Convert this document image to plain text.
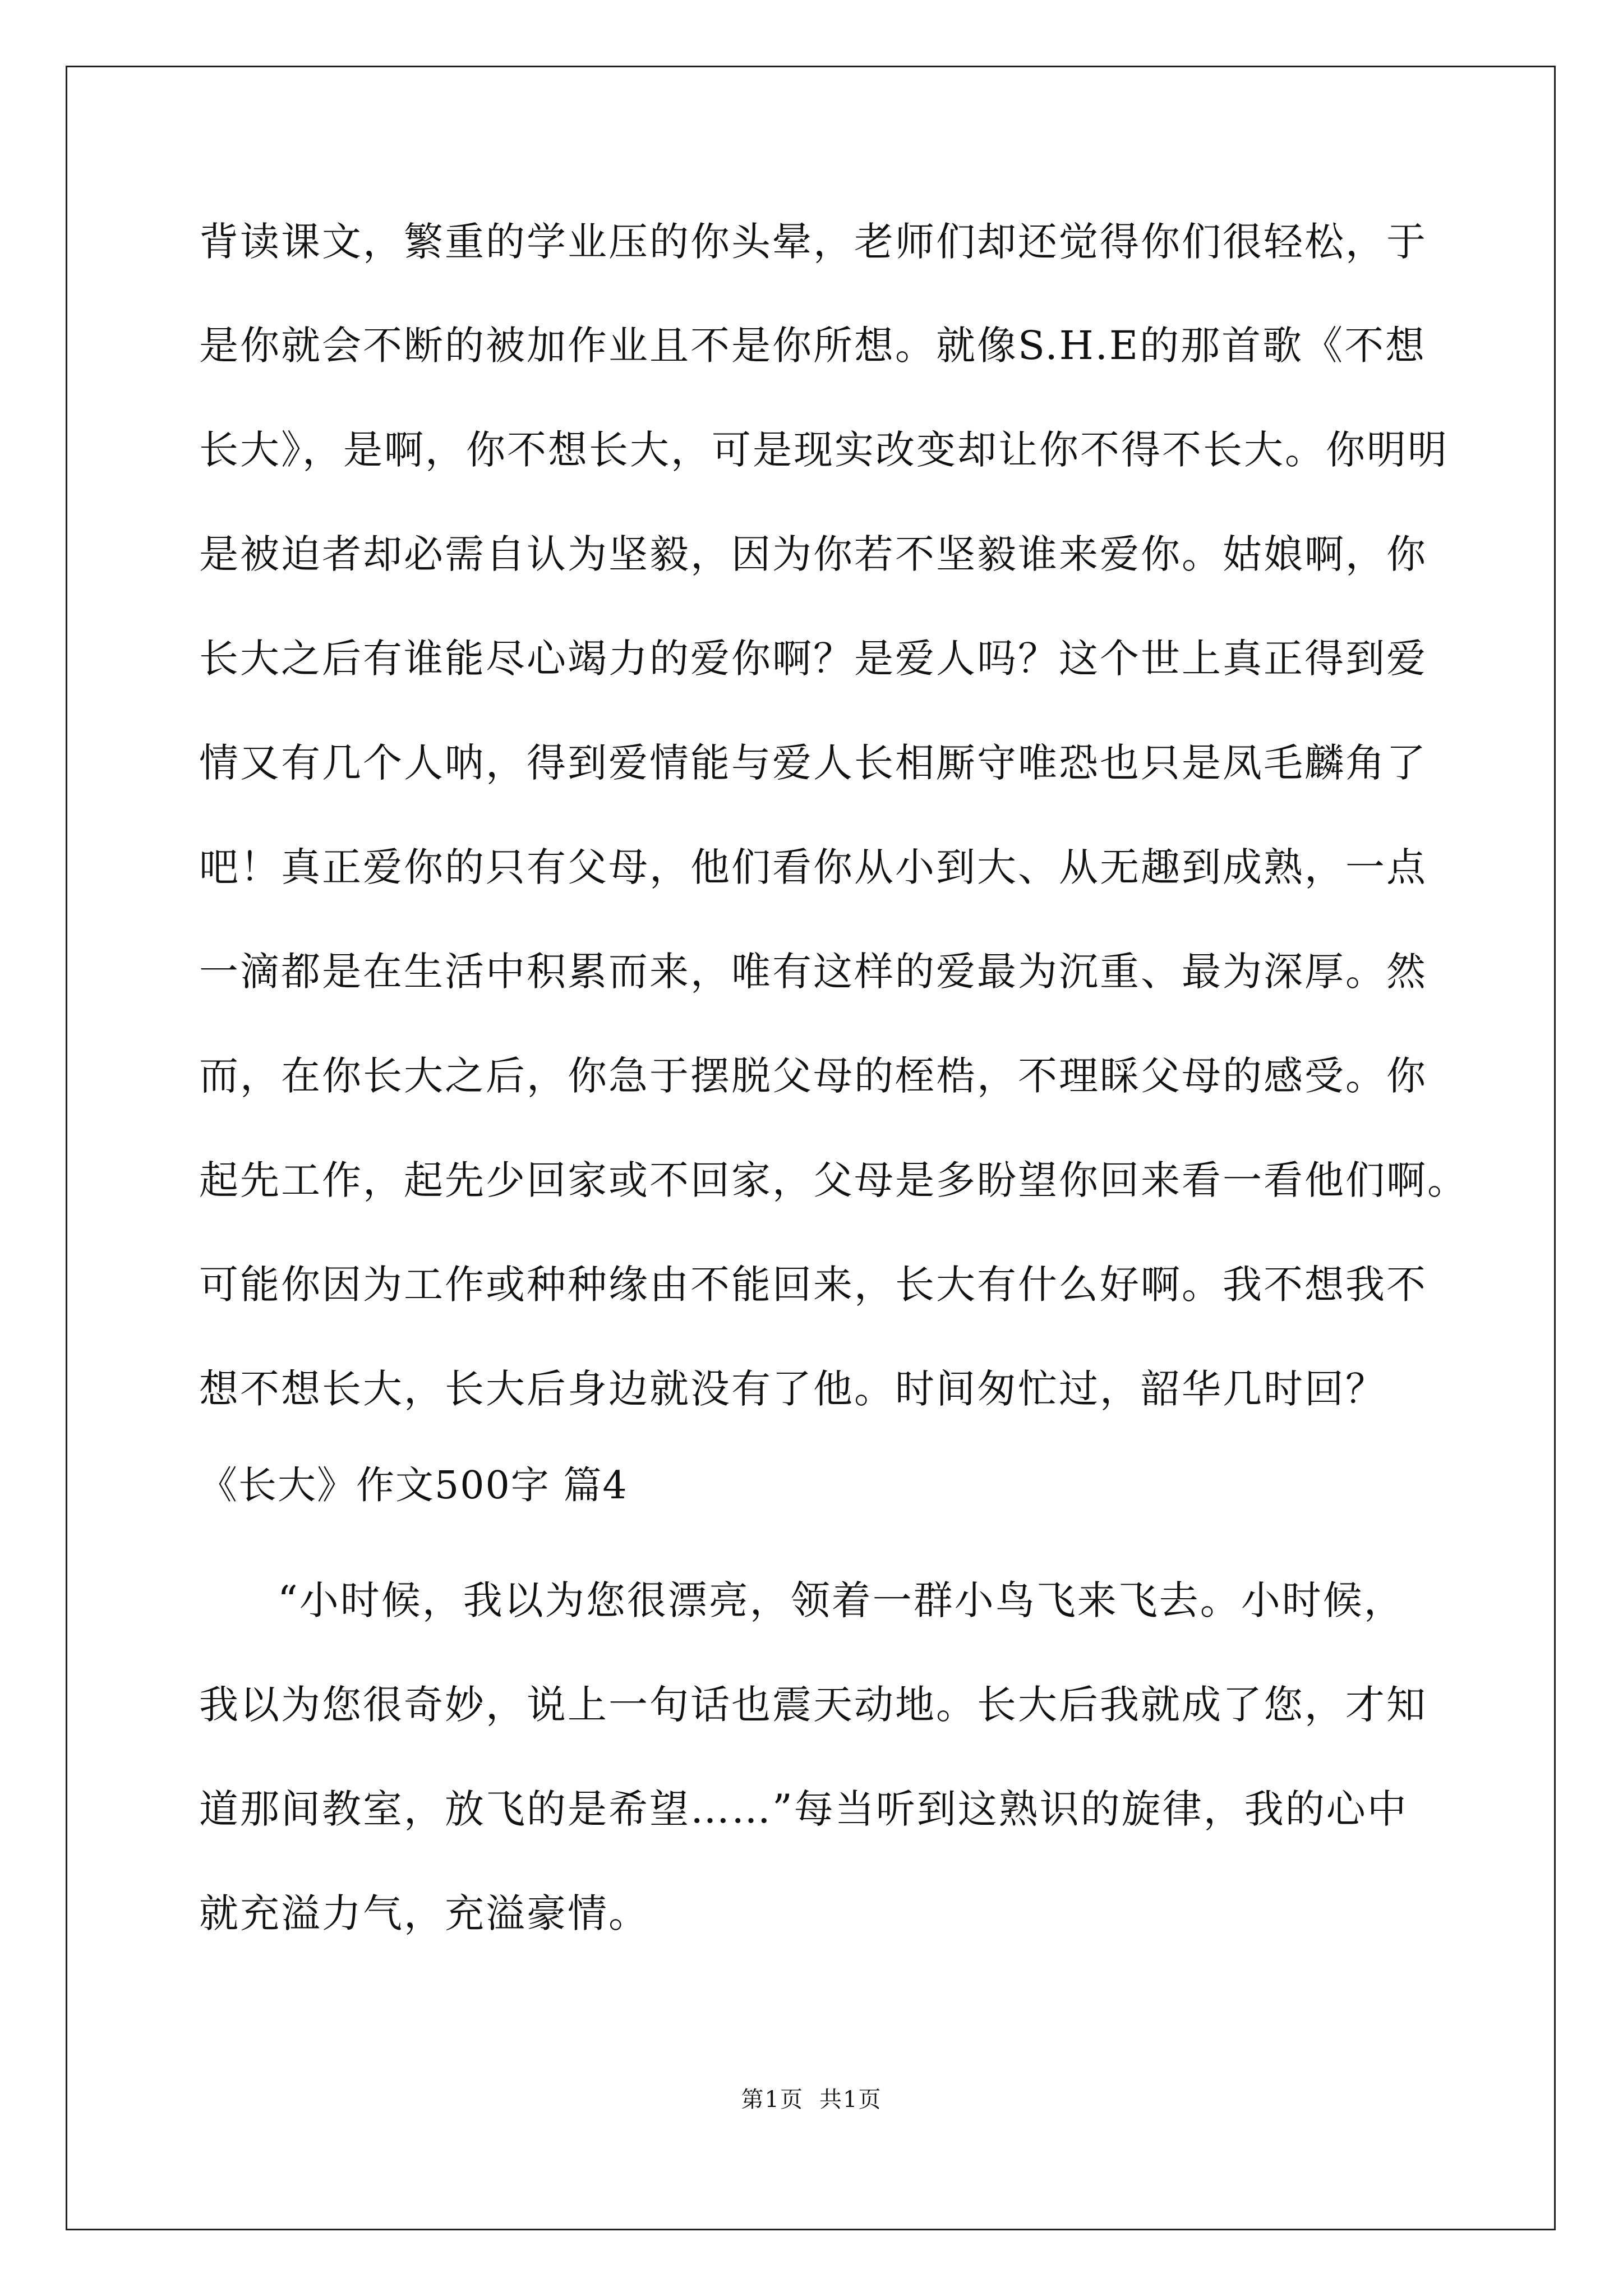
背读课文，繁重的学业压的你头晕，老师们却还觉得你们很轻松，于
是你就会不断的被加作业且不是你所想。就像S.H.E的那首歌《不想
长大》，是啊，你不想长大，可是现实改变却让你不得不长大。你明明
是被迫者却必需自认为坚毅，因为你若不坚毅谁来爱你。姑娘啊，你
长大之后有谁能尽心竭力的爱你啊？是爱人吗？这个世上真正得到爱
情又有几个人呐，得到爱情能与爱人长相厮守唯恐也只是凤毛麟角了
吧！真正爱你的只有父母，他们看你从小到大、从无趣到成熟，一点
一滴都是在生活中积累而来，唯有这样的爱最为沉重、最为深厚。然
而，在你长大之后，你急于摆脱父母的桎梏，不理睬父母的感受。你
起先工作，起先少回家或不回家，父母是多盼望你回来看一看他们啊。
可能你因为工作或种种缘由不能回来，长大有什么好啊。我不想我不
想不想长大，长大后身边就没有了他。时间匆忙过，韶华几时回？
《长大》作文500字 篇4
“小时候，我以为您很漂亮，领着一群小鸟飞来飞去。小时候，
我以为您很奇妙，说上一句话也震天动地。长大后我就成了您，才知
道那间教室，放飞的是希望……”每当听到这熟识的旋律，我的心中
就充溢力气，充溢豪情。
第1页 共1页
